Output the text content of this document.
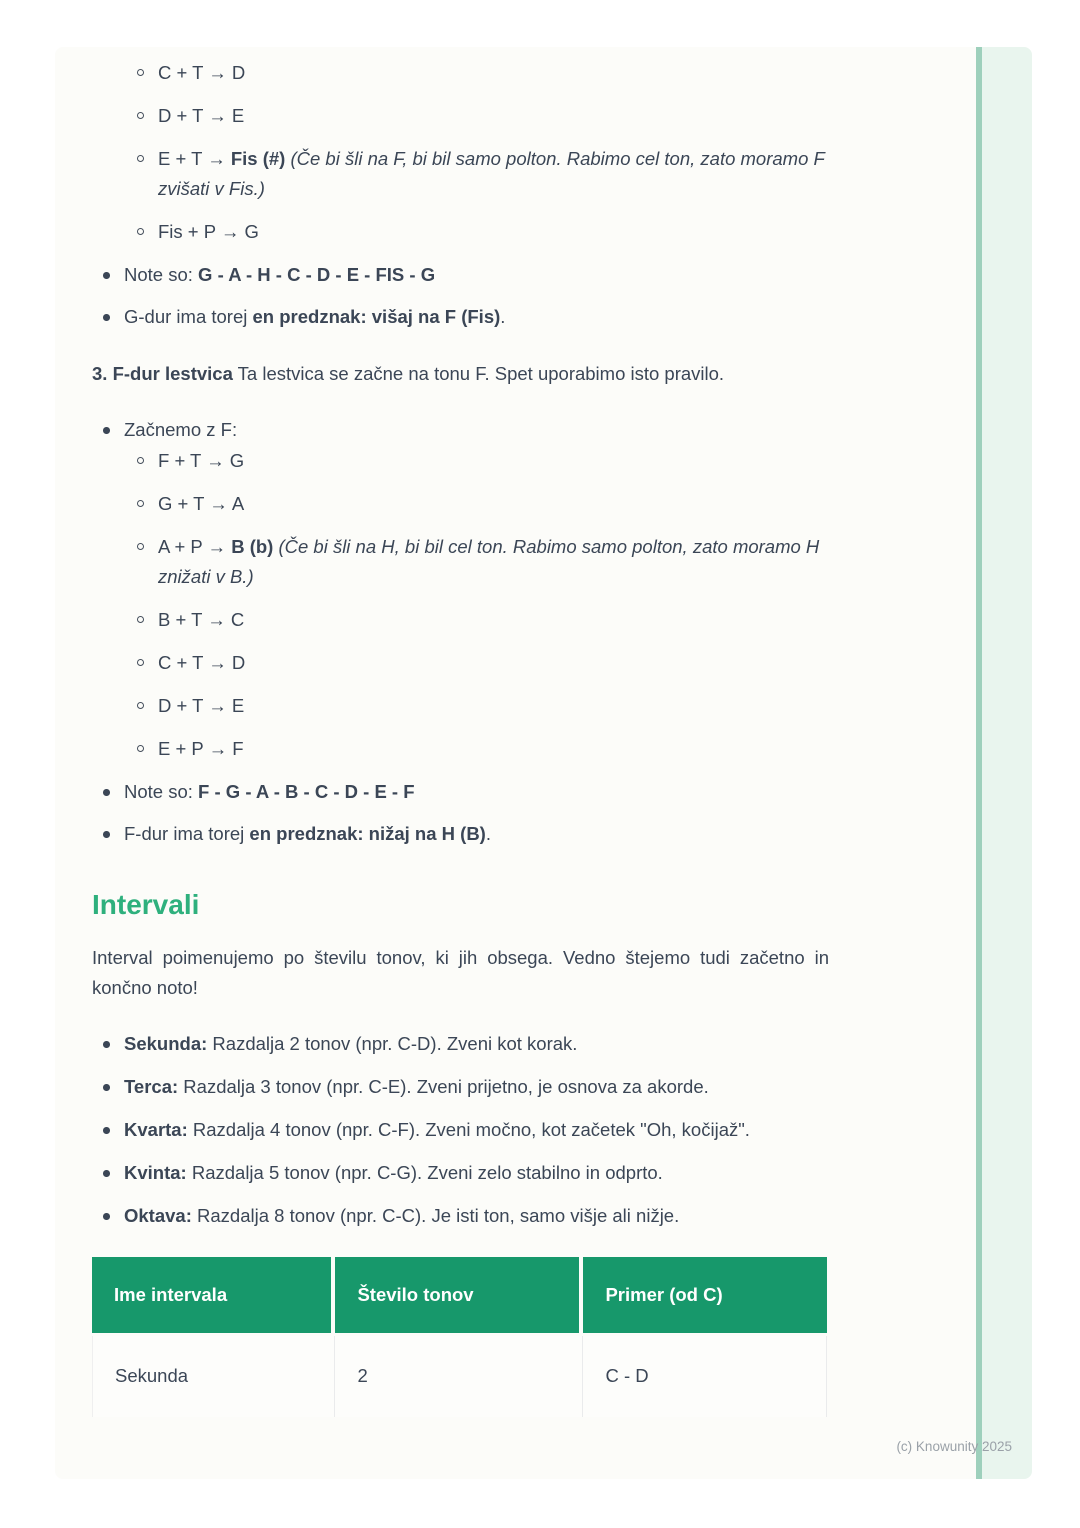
C + T → D
D + T → E
E + T → Fis (#) (Če bi šli na F, bi bil samo polton. Rabimo cel ton, zato moramo F zvišati v Fis.)
Fis + P → G
Note so: G - A - H - C - D - E - FIS - G
G-dur ima torej en predznak: višaj na F (Fis).

3. F-dur lestvica Ta lestvica se začne na tonu F. Spet uporabimo isto pravilo.

Začnemo z F:
F + T → G
G + T → A
A + P → B (b) (Če bi šli na H, bi bil cel ton. Rabimo samo polton, zato moramo H znižati v B.)
B + T → C
C + T → D
D + T → E
E + P → F
Note so: F - G - A - B - C - D - E - F
F-dur ima torej en predznak: nižaj na H (B).
Intervali

Interval poimenujemo po številu tonov, ki jih obsega. Vedno štejemo tudi začetno in končno noto!

Sekunda: Razdalja 2 tonov (npr. C-D). Zveni kot korak.
Terca: Razdalja 3 tonov (npr. C-E). Zveni prijetno, je osnova za akorde.
Kvarta: Razdalja 4 tonov (npr. C-F). Zveni močno, kot začetek "Oh, kočijaž".
Kvinta: Razdalja 5 tonov (npr. C-G). Zveni zelo stabilno in odprto.
Oktava: Razdalja 8 tonov (npr. C-C). Je isti ton, samo višje ali nižje.
Ime intervala	Število tonov	Primer (od C)
Sekunda	2	C - D
(c) Knowunity 2025
